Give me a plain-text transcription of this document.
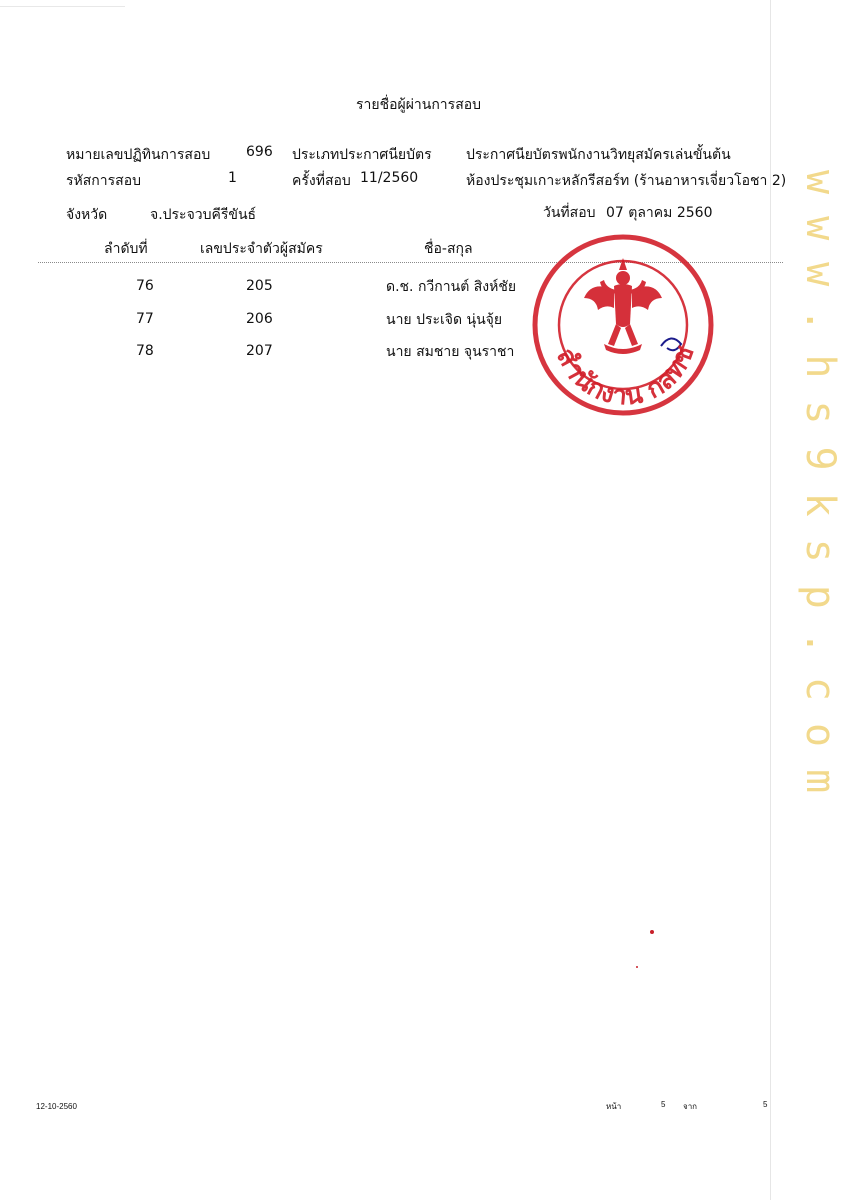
รายชื่อผู้ผ่านการสอบ
หมายเลขปฏิทินการสอบ	696 ประเภทประกาศนียบัตร ประกาศนียบัตรพนักงานวิทยุสมัครเล่นขั้นต้น
รหัสการสอบ	1	ครั้งที่สอบ 11/2560	ห้องประชุมเกาะหลักรีสอร์ท (ร้านอาหารเจี่ยวโอชา 2)
จังหวัด	จ.ประจวบคีรีขันธ์	วันที่สอบ 07 ตุลาคม 2560
ลำดับที่	เลขประจำตัวผู้สมัคร	ชื่อ-สกุล
สำนักงาน กสทช
76	205	ด.ช. กวีกานต์ สิงห์ชัย
77	206	นาย ประเจิด นุ่นจุ้ย
78	207	นาย สมชาย จุนราชา	www.hs9ksp.com
12-10-2560	หน้า	5 จาก	5
